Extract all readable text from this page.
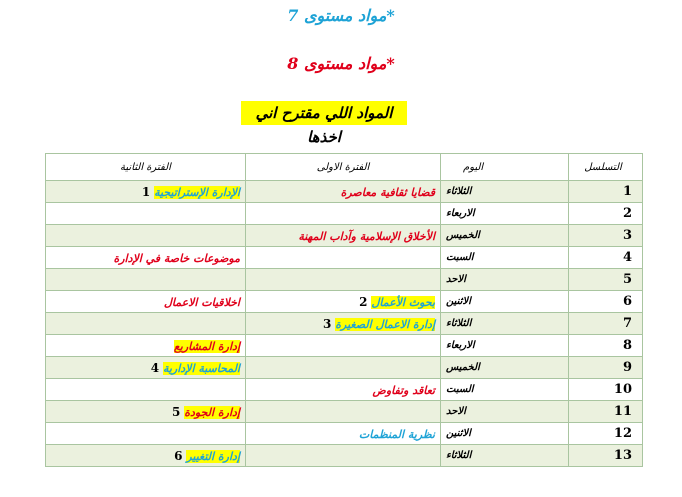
*مواد مستوى 7
*مواد مستوى 8
المواد اللي مقترح اني اخذها
التسلسل	اليوم	الفترة الاولى	الفترة الثانية
1	الثلاثاء	قضايا ثقافية معاصرة	الإدارة الإستراتيجية 1
2	الاربعاء		
3	الخميس	الأخلاق الإسلامية وآداب المهنة	
4	السبت		موضوعات خاصة في الإدارة
5	الاحد		
6	الاثنين	بحوث الأعمال 2	اخلاقيات الاعمال
7	الثلاثاء	إدارة الاعمال الصغيرة 3	
8	الاربعاء		إدارة المشاريع
9	الخميس		المحاسبة الإدارية 4
10	السبت	تعاقد وتفاوض	
11	الاحد		إدارة الجودة 5
12	الاثنين	نظرية المنظمات	
13	الثلاثاء		إدارة التغيير 6
